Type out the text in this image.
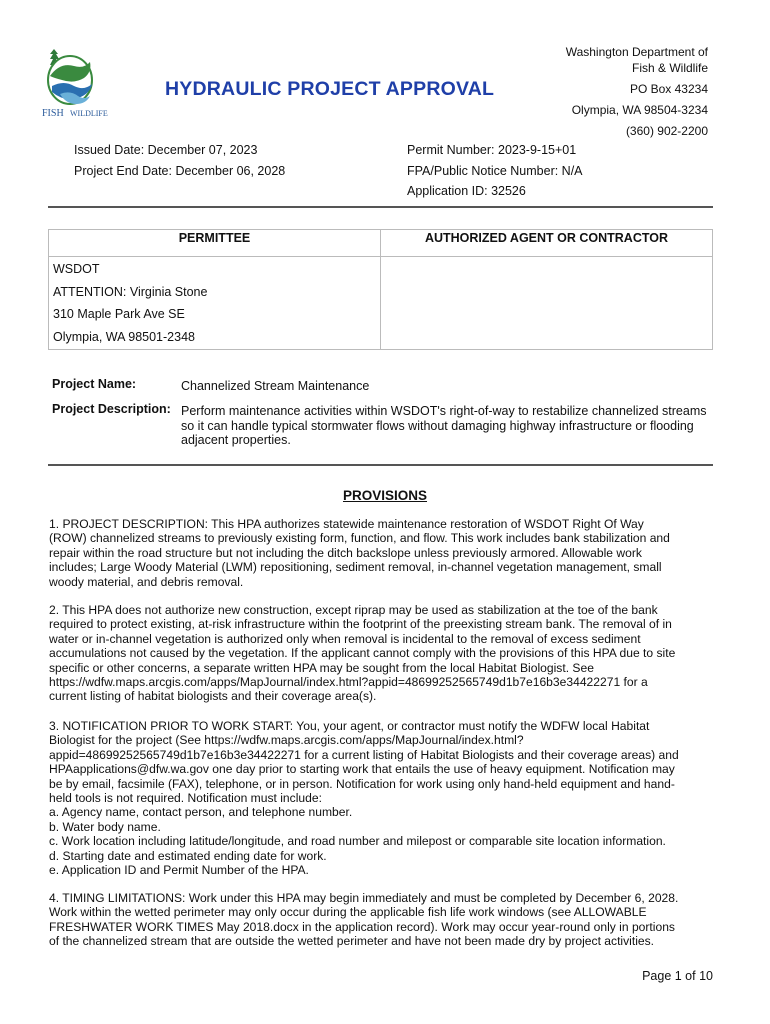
FISH WILDLIFE
HYDRAULIC PROJECT APPROVAL
Washington Department of
Fish & Wildlife
PO Box 43234
Olympia, WA 98504-3234
(360) 902-2200
Issued Date: December 07, 2023
Project End Date: December 06, 2028
Permit Number: 2023-9-15+01
FPA/Public Notice Number: N/A
Application ID: 32526
PERMITTEE	AUTHORIZED AGENT OR CONTRACTOR

WSDOT
ATTENTION: Virginia Stone
310 Maple Park Ave SE
Olympia, WA 98501-2348	

Project Name:	Channelized Stream Maintenance
Project Description: Perform maintenance activities within WSDOT's right-of-way to restabilize channelized streams
so it can handle typical stormwater flows without damaging highway infrastructure or flooding
adjacent properties.
PROVISIONS
1. PROJECT DESCRIPTION: This HPA authorizes statewide maintenance restoration of WSDOT Right Of Way
(ROW) channelized streams to previously existing form, function, and flow. This work includes bank stabilization and
repair within the road structure but not including the ditch backslope unless previously armored. Allowable work
includes; Large Woody Material (LWM) repositioning, sediment removal, in-channel vegetation management, small
woody material, and debris removal.
2. This HPA does not authorize new construction, except riprap may be used as stabilization at the toe of the bank
required to protect existing, at-risk infrastructure within the footprint of the preexisting stream bank. The removal of in
water or in-channel vegetation is authorized only when removal is incidental to the removal of excess sediment
accumulations not caused by the vegetation. If the applicant cannot comply with the provisions of this HPA due to site
specific or other concerns, a separate written HPA may be sought from the local Habitat Biologist. See
https://wdfw.maps.arcgis.com/apps/MapJournal/index.html?appid=48699252565749d1b7e16b3e34422271 for a
current listing of habitat biologists and their coverage area(s).
3. NOTIFICATION PRIOR TO WORK START: You, your agent, or contractor must notify the WDFW local Habitat
Biologist for the project (See https://wdfw.maps.arcgis.com/apps/MapJournal/index.html?
appid=48699252565749d1b7e16b3e34422271 for a current listing of Habitat Biologists and their coverage areas) and
HPAapplications@dfw.wa.gov one day prior to starting work that entails the use of heavy equipment. Notification may
be by email, facsimile (FAX), telephone, or in person. Notification for work using only hand-held equipment and hand-
held tools is not required. Notification must include:
a. Agency name, contact person, and telephone number.
b. Water body name.
c. Work location including latitude/longitude, and road number and milepost or comparable site location information.
d. Starting date and estimated ending date for work.
e. Application ID and Permit Number of the HPA.
4. TIMING LIMITATIONS: Work under this HPA may begin immediately and must be completed by December 6, 2028.
Work within the wetted perimeter may only occur during the applicable fish life work windows (see ALLOWABLE
FRESHWATER WORK TIMES May 2018.docx in the application record). Work may occur year-round only in portions
of the channelized stream that are outside the wetted perimeter and have not been made dry by project activities.
Page 1 of 10
